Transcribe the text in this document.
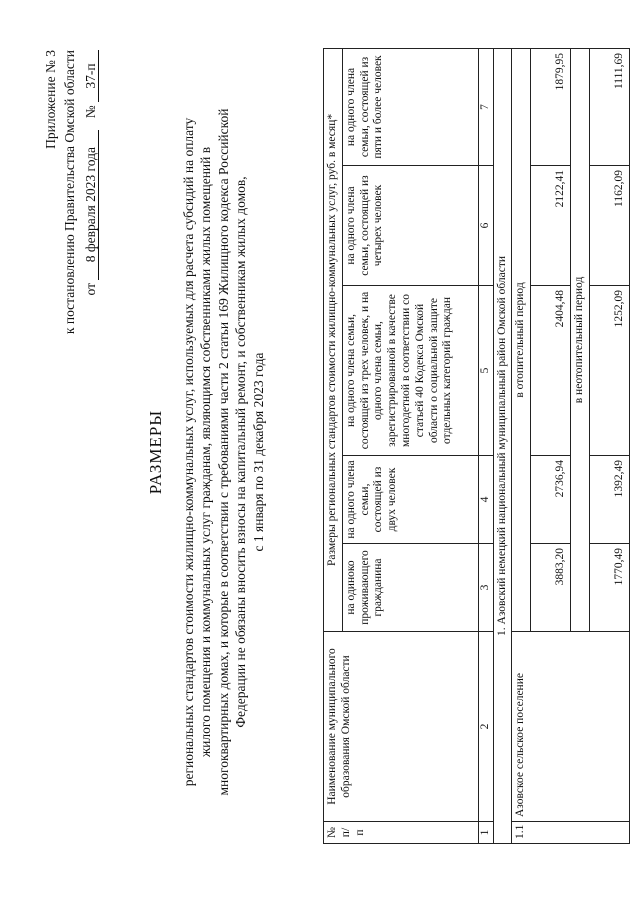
Приложение № 3 к постановлению Правительства Омской области от 8 февраля 2023 года № 37-п
РАЗМЕРЫ региональных стандартов стоимости жилищно-коммунальных услуг, используемых для расчета субсидий на оплату жилого помещения и коммунальных услуг гражданам, являющимся собственниками жилых помещений в многоквартирных домах, и которые в соответствии с требованиями части 2 статьи 169 Жилищного кодекса Российской Федерации не обязаны вносить взносы на капитальный ремонт, и собственникам жилых домов, с 1 января по 31 декабря 2023 года
№ п/п	Наименование муниципального образования Омской области	Размеры региональных стандартов стоимости жилищно-коммунальных услуг, руб. в месяц*				
		на одиноко проживающего гражданина	на одного члена семьи, состоящей из двух человек	на одного члена семьи, состоящей из трех человек, и на одного члена семьи, зарегистрированной в качестве многодетной в соответствии со статьей 40 Кодекса Омской области о социальной защите отдельных категорий граждан	на одного члена семьи, состоящей из четырех человек	на одного члена семьи, состоящей из пяти и более человек
1	2	3	4	5	6	7
1. Азовский немецкий национальный муниципальный район Омской области						
1.1	Азовское сельское поселение	в отопительный период				
		3883,20	2736,94	2404,48	2122,41	1879,95
		в неотопительный период				
		1770,49	1392,49	1252,09	1162,09	1111,69
